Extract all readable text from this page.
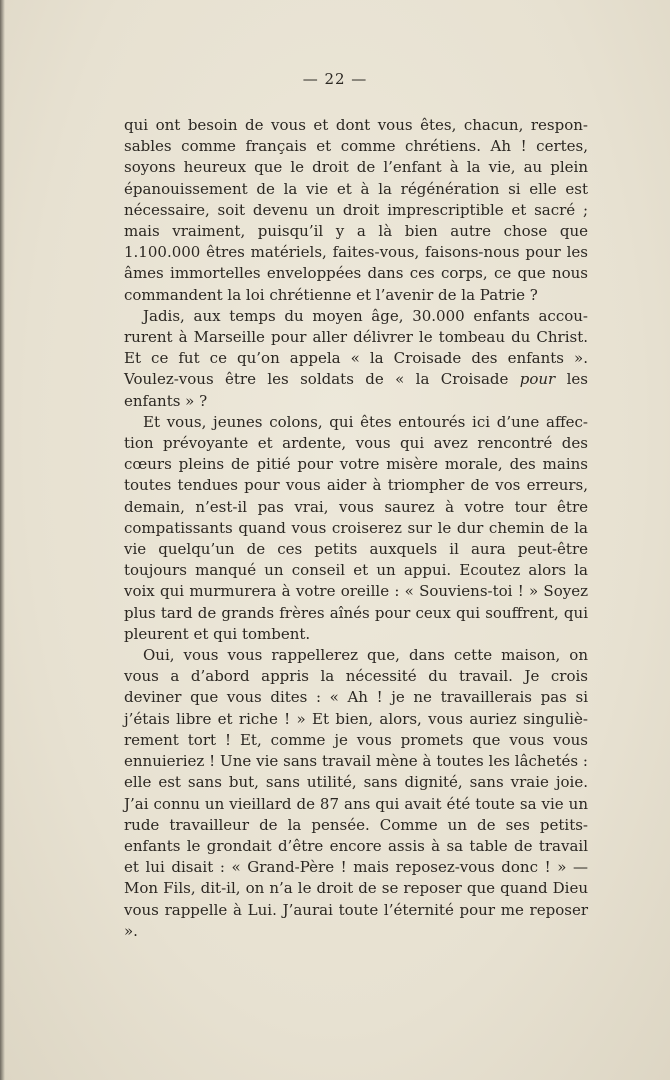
— 22 —

qui ont besoin de vous et dont vous êtes, chacun, responsables comme français et comme chrétiens. Ah ! certes, soyons heureux que le droit de l’enfant à la vie, au plein épanouissement de la vie et à la régénération si elle est nécessaire, soit devenu un droit imprescriptible et sacré ; mais vraiment, puisqu’il y a là bien autre chose que 1.100.000 êtres matériels, faites-vous, faisons-nous pour les âmes immortelles enveloppées dans ces corps, ce que nous commandent la loi chrétienne et l’avenir de la Patrie ?

Jadis, aux temps du moyen âge, 30.000 enfants accoururent à Marseille pour aller délivrer le tombeau du Christ. Et ce fut ce qu’on appela « la Croisade des enfants ». Voulez-vous être les soldats de « la Croisade pour les enfants » ?

Et vous, jeunes colons, qui êtes entourés ici d’une affection prévoyante et ardente, vous qui avez rencontré des cœurs pleins de pitié pour votre misère morale, des mains toutes tendues pour vous aider à triompher de vos erreurs, demain, n’est-il pas vrai, vous saurez à votre tour être compatissants quand vous croiserez sur le dur chemin de la vie quelqu’un de ces petits auxquels il aura peut-être toujours manqué un conseil et un appui. Ecoutez alors la voix qui murmurera à votre oreille : « Souviens-toi ! » Soyez plus tard de grands frères aînés pour ceux qui souffrent, qui pleurent et qui tombent.

Oui, vous vous rappellerez que, dans cette maison, on vous a d’abord appris la nécessité du travail. Je crois deviner que vous dites : « Ah ! je ne travaillerais pas si j’étais libre et riche ! » Et bien, alors, vous auriez singulièrement tort ! Et, comme je vous promets que vous vous ennuieriez ! Une vie sans travail mène à toutes les lâchetés : elle est sans but, sans utilité, sans dignité, sans vraie joie. J’ai connu un vieillard de 87 ans qui avait été toute sa vie un rude travailleur de la pensée. Comme un de ses petits-enfants le grondait d’être encore assis à sa table de travail et lui disait : « Grand-Père ! mais reposez-vous donc ! » — Mon Fils, dit-il, on n’a le droit de se reposer que quand Dieu vous rappelle à Lui. J’aurai toute l’éternité pour me reposer ».
